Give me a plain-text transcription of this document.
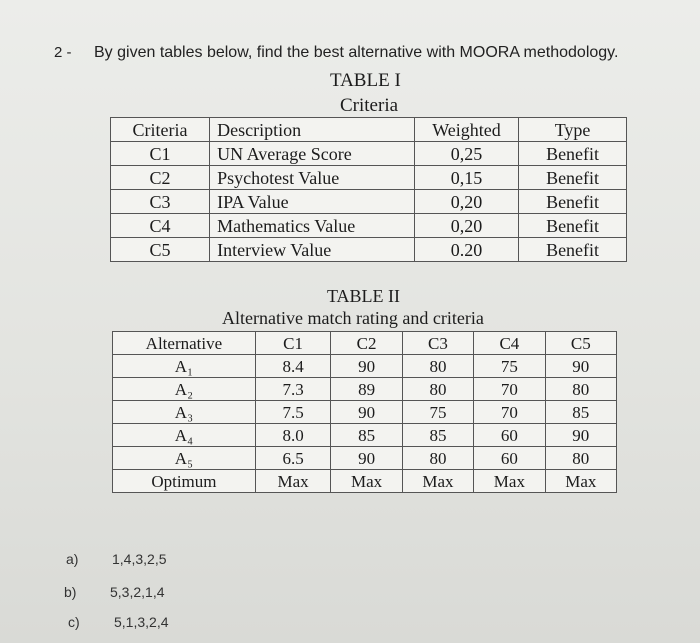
2 - By given tables below, find the best alternative with MOORA methodology.
TABLE I
Criteria
Criteria	Description	Weighted	Type
C1	UN Average Score	0,25	Benefit
C2	Psychotest Value	0,15	Benefit
C3	IPA Value	0,20	Benefit
C4	Mathematics Value	0,20	Benefit
C5	Interview Value	0.20	Benefit
TABLE II
Alternative match rating and criteria
Alternative	C1	C2	C3	C4	C5
A₁	8.4	90	80	75	90
A₂	7.3	89	80	70	80
A₃	7.5	90	75	70	85
A₄	8.0	85	85	60	90
A₅	6.5	90	80	60	80
Optimum	Max	Max	Max	Max	Max
a) 1,4,3,2,5
b) 5,3,2,1,4
c) 5,1,3,2,4
